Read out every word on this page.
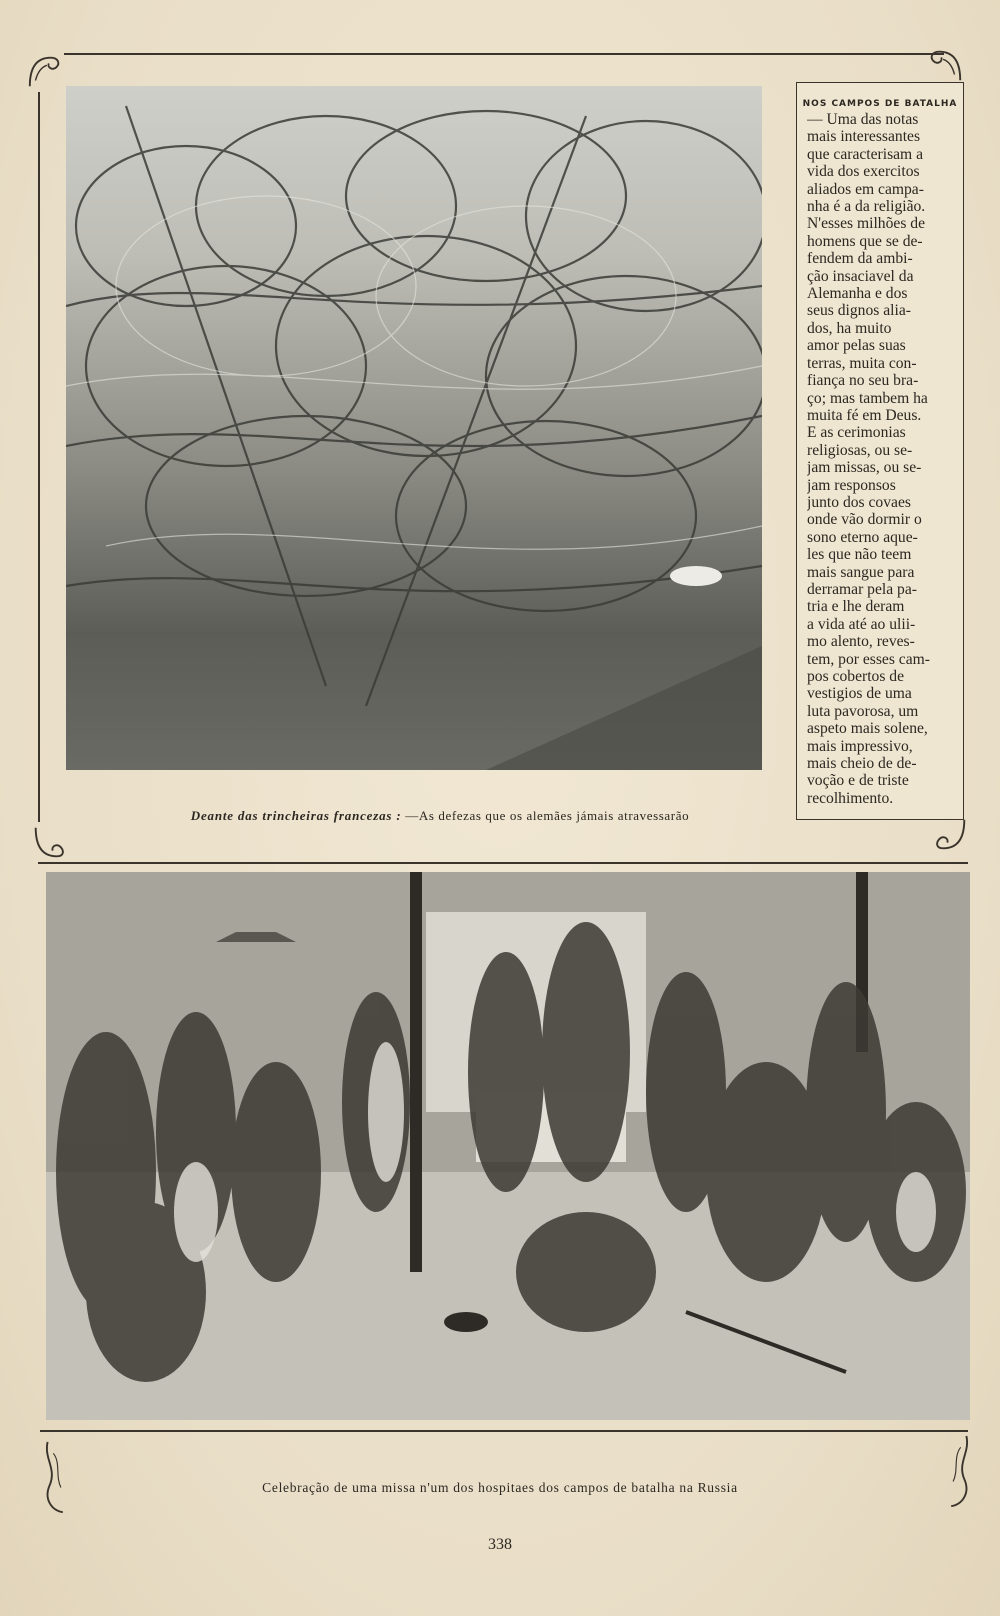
Deante das trincheiras francezas : —As defezas que os alemães jámais atravessarão
NOS CAMPOS DE BATALHA
— Uma das notas
mais interessantes
que caracterisam a
vida dos exercitos
aliados em campa-
nha é a da religião.
N'esses milhões de
homens que se de-
fendem da ambi-
ção insaciavel da
Alemanha e dos
seus dignos alia-
dos, ha muito
amor pelas suas
terras, muita con-
fiança no seu bra-
ço; mas tambem ha
muita fé em Deus.
E as cerimonias
religiosas, ou se-
jam missas, ou se-
jam responsos
junto dos covaes
onde vão dormir o
sono eterno aque-
les que não teem
mais sangue para
derramar pela pa-
tria e lhe deram
a vida até ao ulii-
mo alento, reves-
tem, por esses cam-
pos cobertos de
vestigios de uma
luta pavorosa, um
aspeto mais solene,
mais impressivo,
mais cheio de de-
voção e de triste
recolhimento.
Celebração de uma missa n'um dos hospitaes dos campos de batalha na Russia
338
